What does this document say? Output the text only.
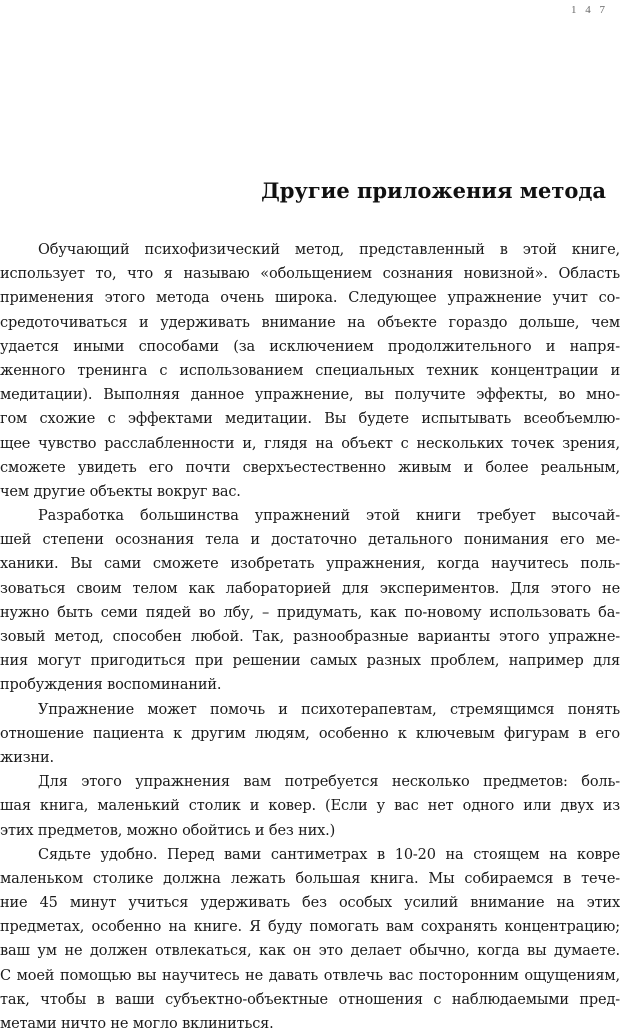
1 4 7
Другие приложения метода

Обучающий психофизический метод, представленный в этой книге,
использует то, что я называю «обольщением сознания новизной». Область
применения этого метода очень широка. Следующее упражнение учит со-
средоточиваться и удерживать внимание на объекте гораздо дольше, чем
удается иными способами (за исключением продолжительного и напря-
женного тренинга с использованием специальных техник концентрации и
медитации). Выполняя данное упражнение, вы получите эффекты, во мно-
гом схожие с эффектами медитации. Вы будете испытывать всеобъемлю-
щее чувство расслабленности и, глядя на объект с нескольких точек зрения,
сможете увидеть его почти сверхъестественно живым и более реальным,
чем другие объекты вокруг вас.

Разработка большинства упражнений этой книги требует высочай-
шей степени осознания тела и достаточно детального понимания его ме-
ханики. Вы сами сможете изобретать упражнения, когда научитесь поль-
зоваться своим телом как лабораторией для экспериментов. Для этого не
нужно быть семи пядей во лбу, – придумать, как по-новому использовать ба-
зовый метод, способен любой. Так, разнообразные варианты этого упражне-
ния могут пригодиться при решении самых разных проблем, например для
пробуждения воспоминаний.

Упражнение может помочь и психотерапевтам, стремящимся понять
отношение пациента к другим людям, особенно к ключевым фигурам в его
жизни.

Для этого упражнения вам потребуется несколько предметов: боль-
шая книга, маленький столик и ковер. (Если у вас нет одного или двух из
этих предметов, можно обойтись и без них.)

Сядьте удобно. Перед вами сантиметрах в 10-20 на стоящем на ковре
маленьком столике должна лежать большая книга. Мы собираемся в тече-
ние 45 минут учиться удерживать без особых усилий внимание на этих
предметах, особенно на книге. Я буду помогать вам сохранять концентрацию;
ваш ум не должен отвлекаться, как он это делает обычно, когда вы думаете.
С моей помощью вы научитесь не давать отвлечь вас посторонним ощущениям,
так, чтобы в ваши субъектно-объектные отношения с наблюдаемыми пред-
метами ничто не могло вклиниться.
